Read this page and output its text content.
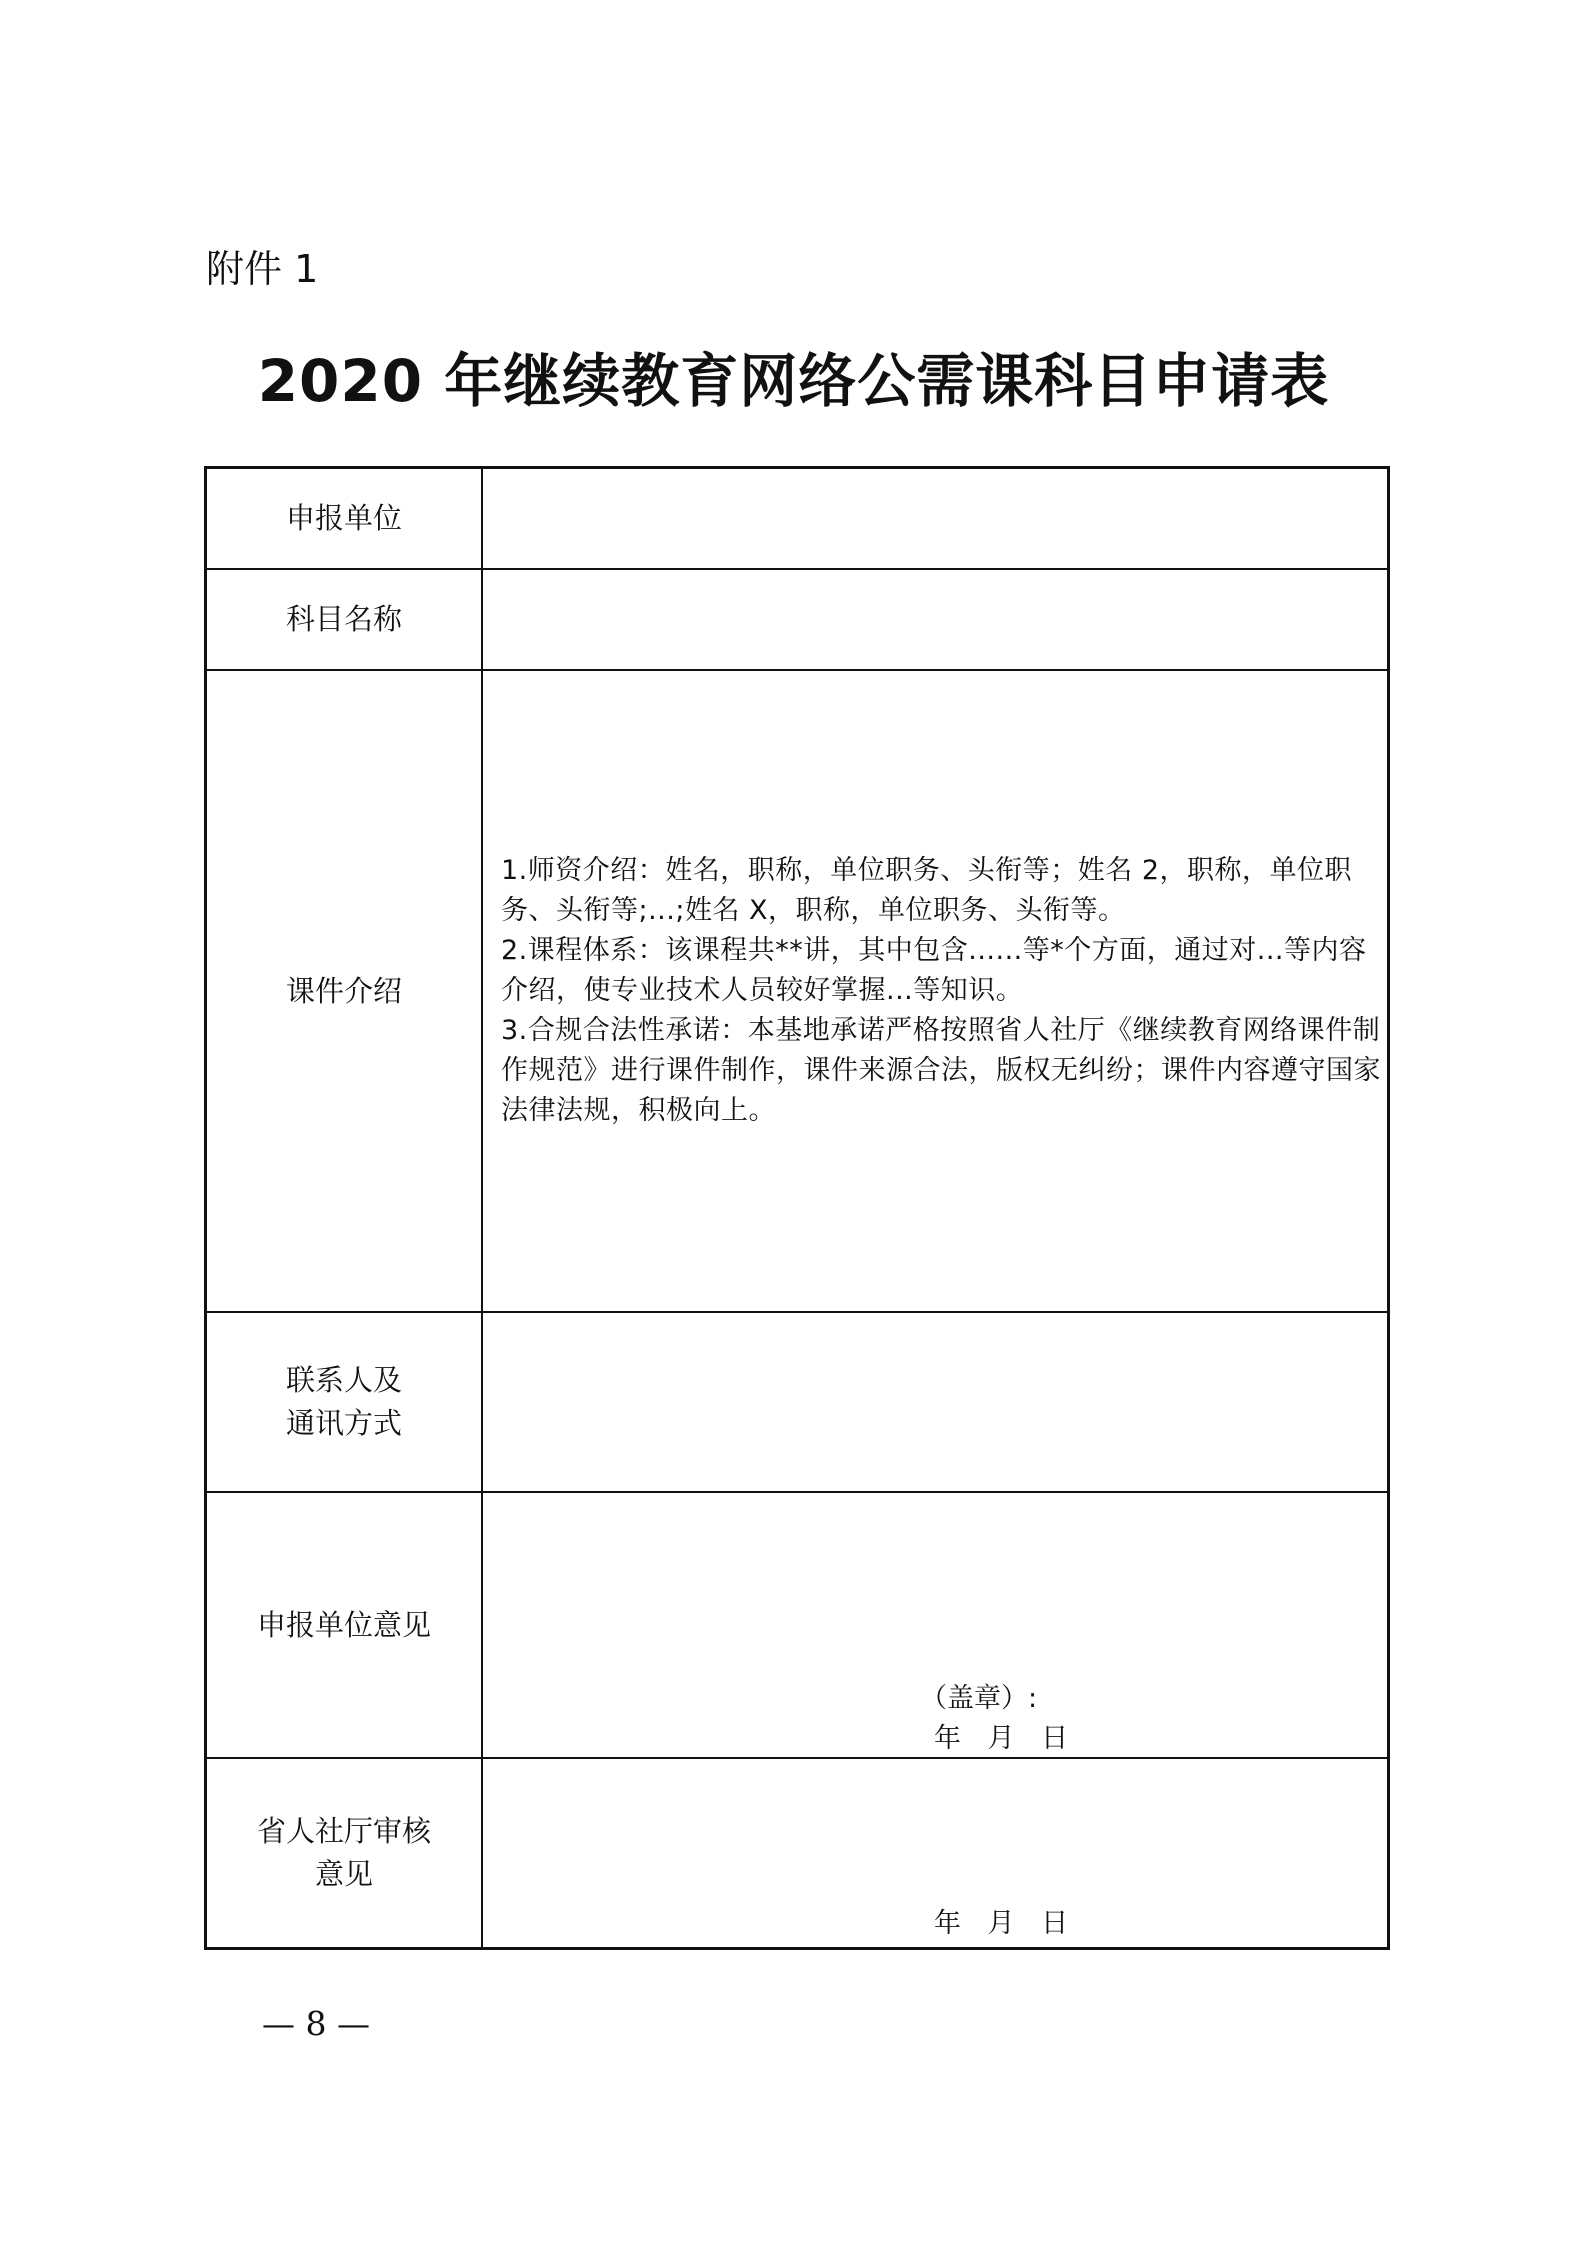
附件 1
2020 年继续教育网络公需课科目申请表
申报单位
科目名称
课件介绍

1.师资介绍：姓名，职称，单位职务、头衔等；姓名 2，职称，单位职务、头衔等;...;姓名 X，职称，单位职务、头衔等。

2.课程体系：该课程共**讲，其中包含......等*个方面，通过对...等内容介绍，使专业技术人员较好掌握...等知识。

3.合规合法性承诺：本基地承诺严格按照省人社厅《继续教育网络课件制作规范》进行课件制作，课件来源合法，版权无纠纷；课件内容遵守国家法律法规，积极向上。

联系人及
通讯方式
申报单位意见
（盖章）:
年 月 日
省人社厅审核
意见
年 月 日
— 8 —
